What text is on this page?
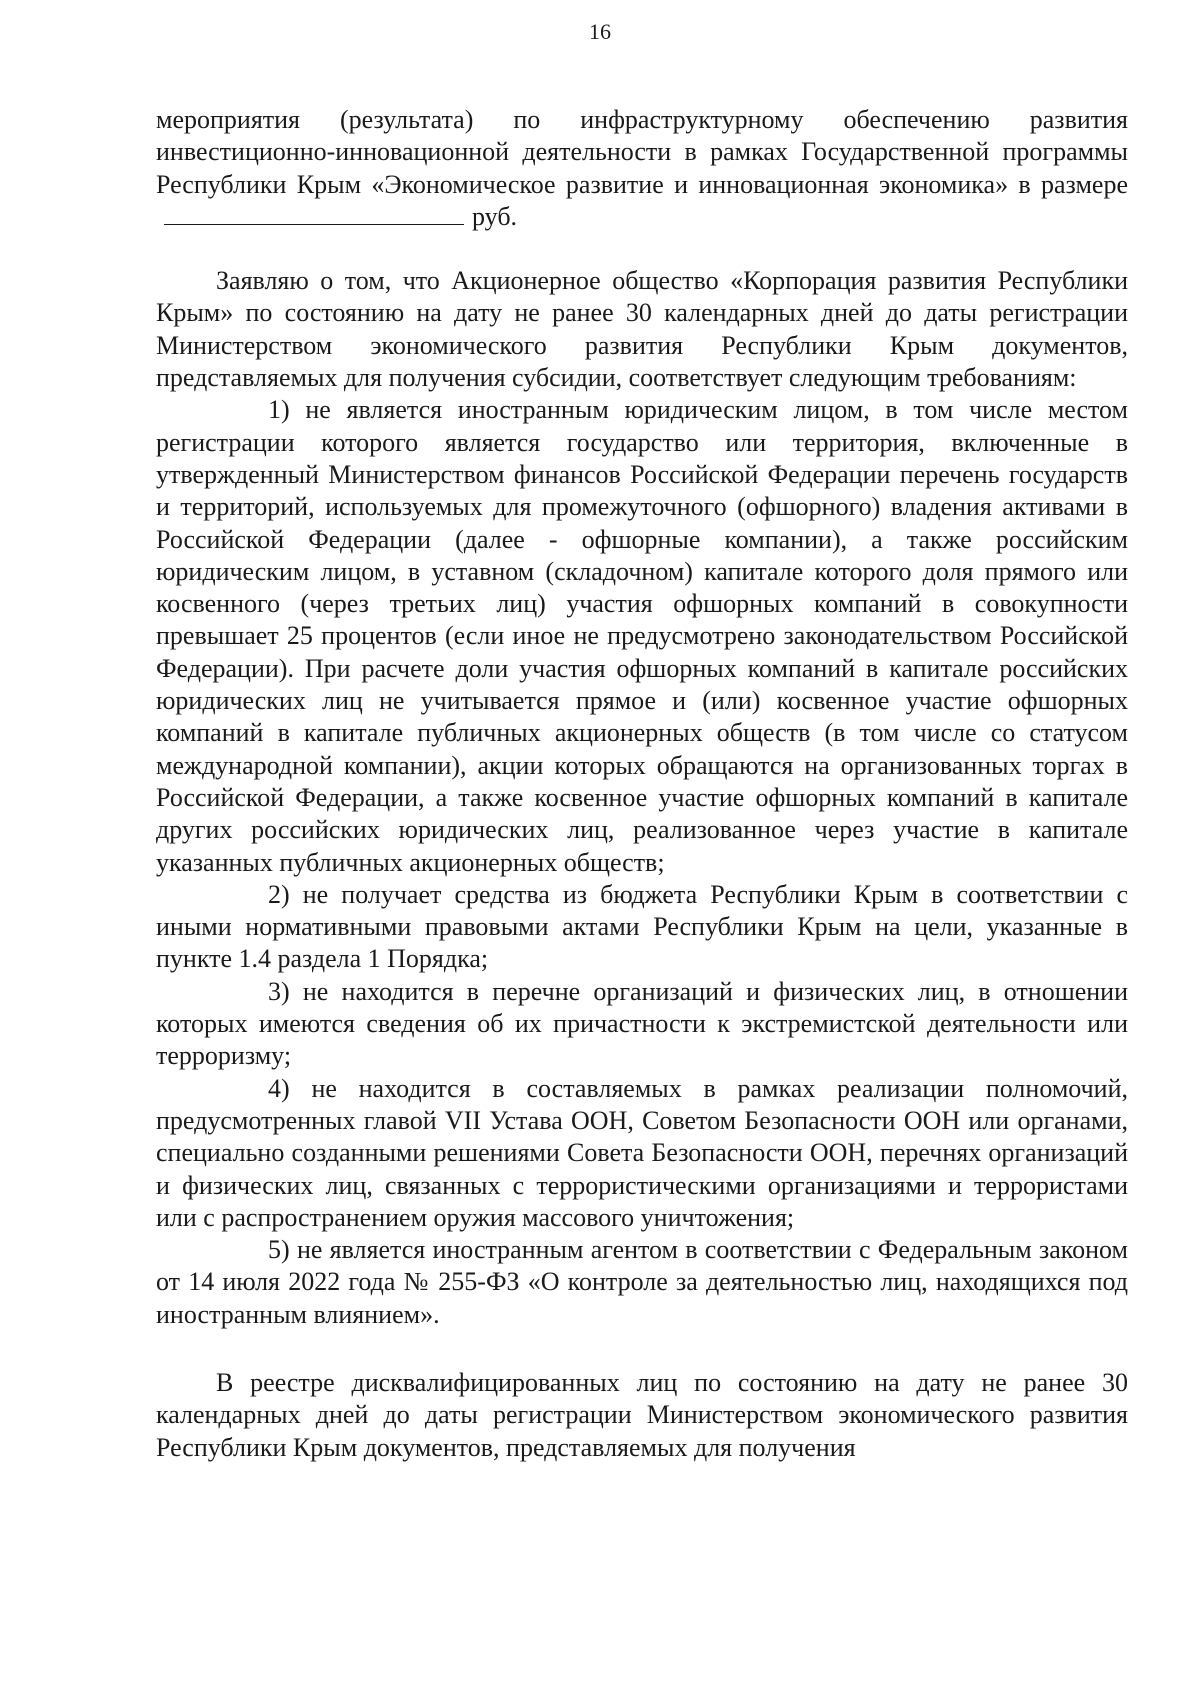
16

мероприятия (результата) по инфраструктурному обеспечению развития инвестиционно-инновационной деятельности в рамках Государственной программы Республики Крым «Экономическое развитие и инновационная экономика» в размереруб.

Заявляю о том, что Акционерное общество «Корпорация развития Республики Крым» по состоянию на дату не ранее 30 календарных дней до даты регистрации Министерством экономического развития Республики Крым документов, представляемых для получения субсидии, соответствует следующим требованиям:

1) не является иностранным юридическим лицом, в том числе местом регистрации которого является государство или территория, включенные в утвержденный Министерством финансов Российской Федерации перечень государств и территорий, используемых для промежуточного (офшорного) владения активами в Российской Федерации (далее - офшорные компании), а также российским юридическим лицом, в уставном (складочном) капитале которого доля прямого или косвенного (через третьих лиц) участия офшорных компаний в совокупности превышает 25 процентов (если иное не предусмотрено законодательством Российской Федерации). При расчете доли участия офшорных компаний в капитале российских юридических лиц не учитывается прямое и (или) косвенное участие офшорных компаний в капитале публичных акционерных обществ (в том числе со статусом международной компании), акции которых обращаются на организованных торгах в Российской Федерации, а также косвенное участие офшорных компаний в капитале других российских юридических лиц, реализованное через участие в капитале указанных публичных акционерных обществ;

2) не получает средства из бюджета Республики Крым в соответствии с иными нормативными правовыми актами Республики Крым на цели, указанные в пункте 1.4 раздела 1 Порядка;

3) не находится в перечне организаций и физических лиц, в отношении которых имеются сведения об их причастности к экстремистской деятельности или терроризму;

4) не находится в составляемых в рамках реализации полномочий, предусмотренных главой VII Устава ООН, Советом Безопасности ООН или органами, специально созданными решениями Совета Безопасности ООН, перечнях организаций и физических лиц, связанных с террористическими организациями и террористами или с распространением оружия массового уничтожения;

5) не является иностранным агентом в соответствии с Федеральным законом от 14 июля 2022 года № 255-ФЗ «О контроле за деятельностью лиц, находящихся под иностранным влиянием».

В реестре дисквалифицированных лиц по состоянию на дату не ранее 30 календарных дней до даты регистрации Министерством экономического развития Республики Крым документов, представляемых для получения
